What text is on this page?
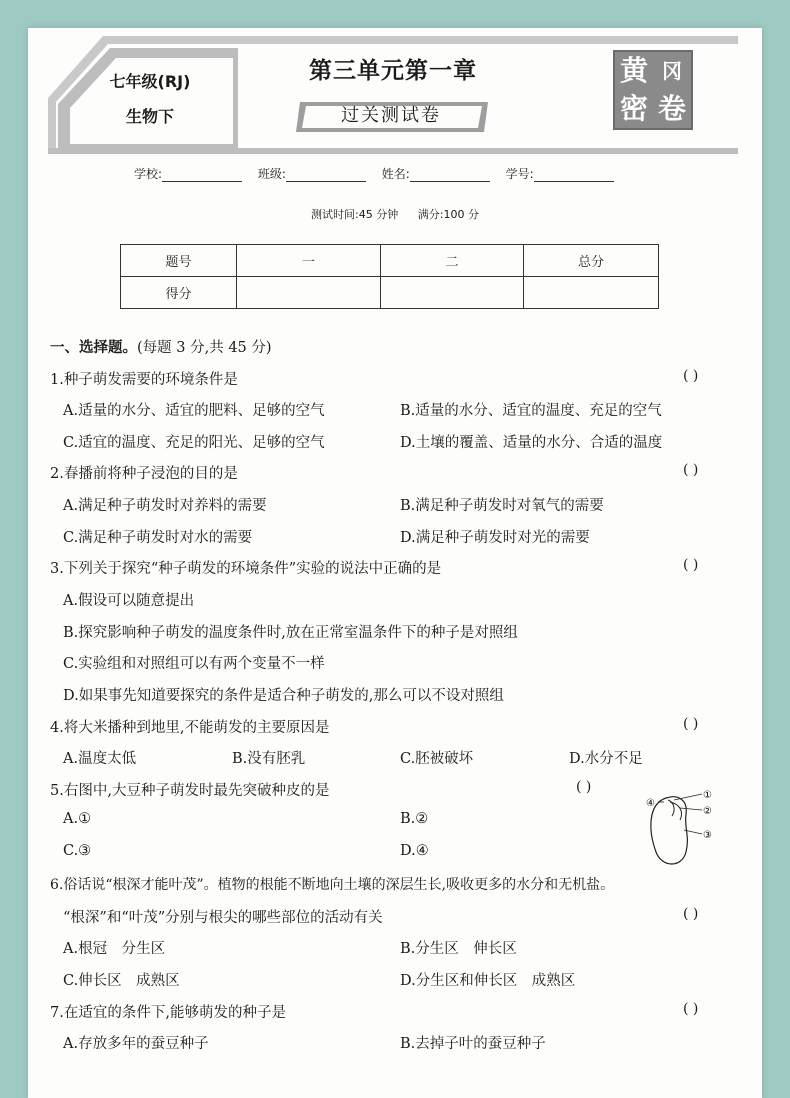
七年级(RJ)
生物下
第三单元第一章
过关测试卷
黄 冈
密 卷
学校:	班级:	姓名:	学号:
测试时间:45 分钟 满分:100 分
题号	一	二	总分
得分			
一、选择题。(每题 3 分,共 45 分)
1.种子萌发需要的环境条件是	( )
A.适量的水分、适宜的肥料、足够的空气	B.适量的水分、适宜的温度、充足的空气
C.适宜的温度、充足的阳光、足够的空气	D.土壤的覆盖、适量的水分、合适的温度
2.春播前将种子浸泡的目的是	( )
A.满足种子萌发时对养料的需要	B.满足种子萌发时对氧气的需要
C.满足种子萌发时对水的需要	D.满足种子萌发时对光的需要
3.下列关于探究“种子萌发的环境条件”实验的说法中正确的是	( )
A.假设可以随意提出
B.探究影响种子萌发的温度条件时,放在正常室温条件下的种子是对照组
C.实验组和对照组可以有两个变量不一样
D.如果事先知道要探究的条件是适合种子萌发的,那么可以不设对照组
4.将大米播种到地里,不能萌发的主要原因是	( )
A.温度太低	B.没有胚乳	C.胚被破坏	D.水分不足
5.右图中,大豆种子萌发时最先突破种皮的是	( )
A.①	B.②
C.③	D.④
①
②
③
④
6.俗话说“根深才能叶茂”。植物的根能不断地向土壤的深层生长,吸收更多的水分和无机盐。
“根深”和“叶茂”分别与根尖的哪些部位的活动有关	( )
A.根冠　分生区	B.分生区　伸长区
C.伸长区　成熟区	D.分生区和伸长区　成熟区
7.在适宜的条件下,能够萌发的种子是	( )
A.存放多年的蚕豆种子	B.去掉子叶的蚕豆种子
